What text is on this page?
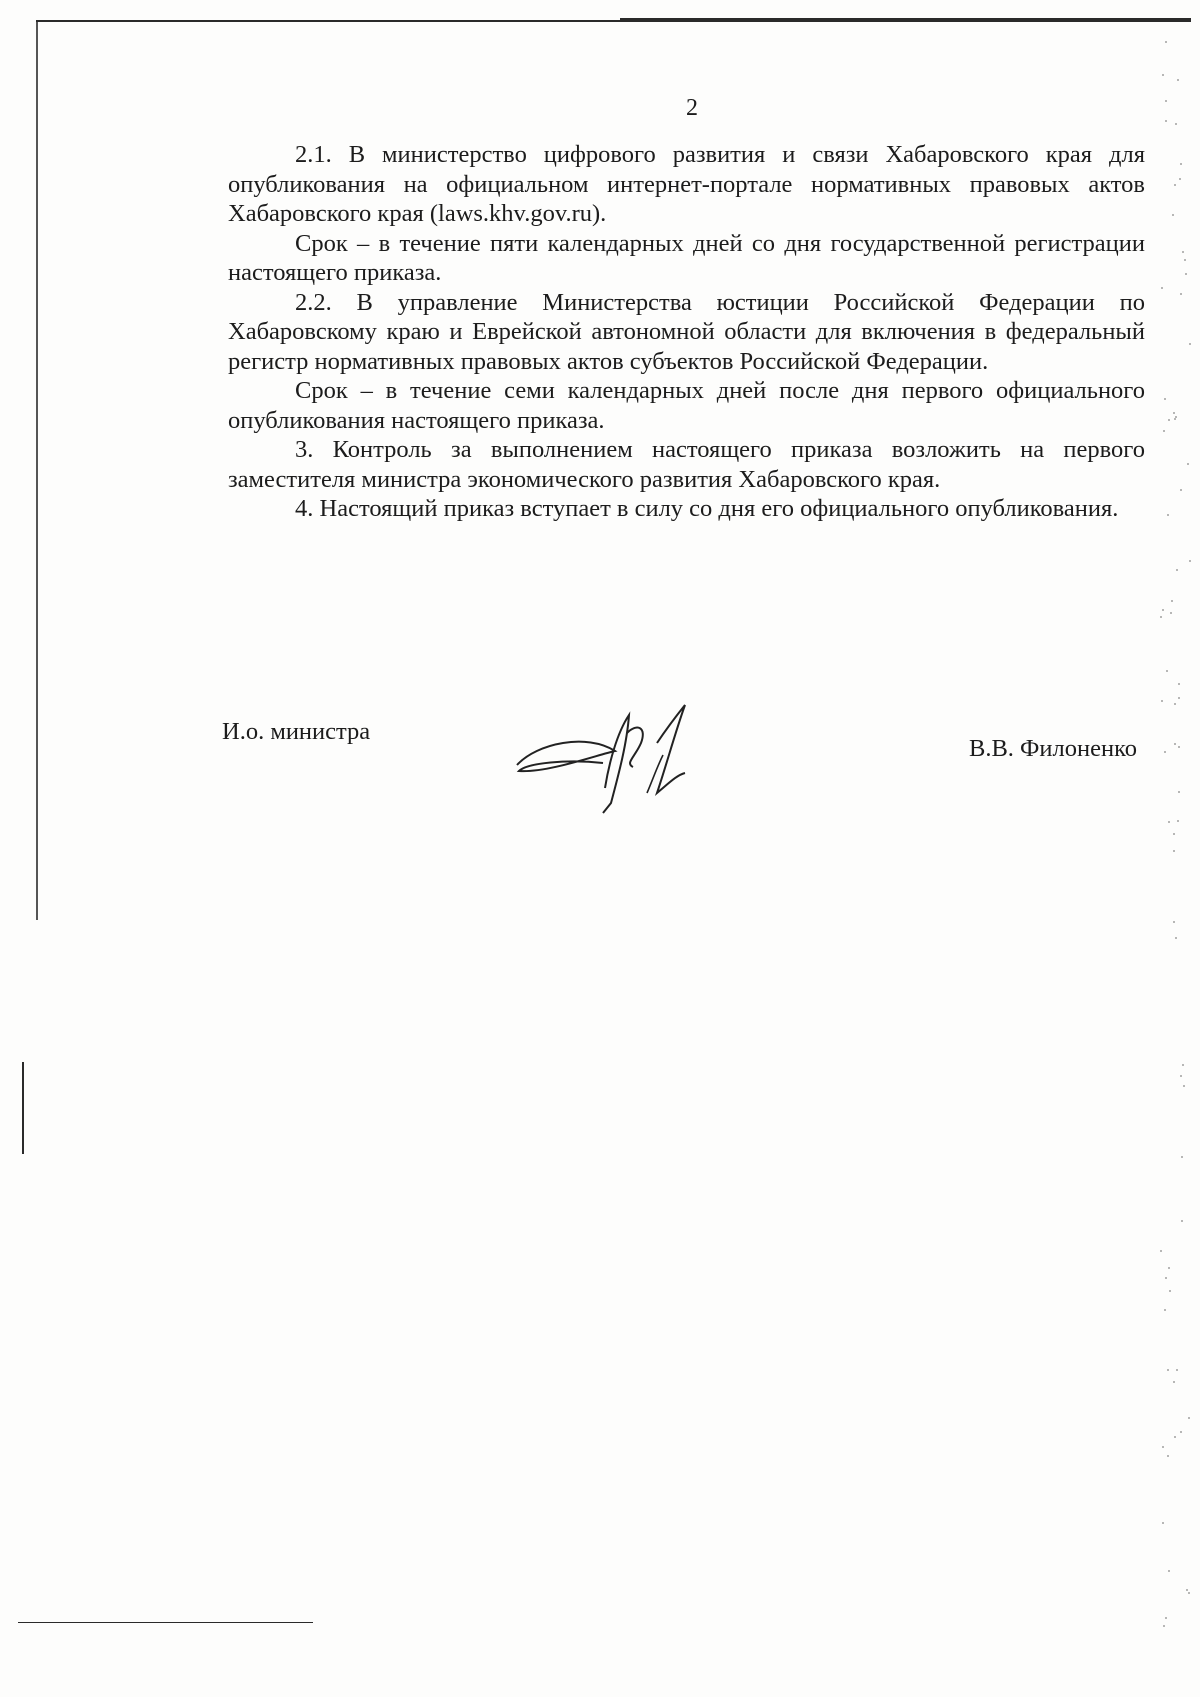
2

2.1. В министерство цифрового развития и связи Хабаровского края для опубликования на официальном интернет-портале нормативных правовых актов Хабаровского края (laws.khv.gov.ru).

Срок – в течение пяти календарных дней со дня государственной регистрации настоящего приказа.

2.2. В управление Министерства юстиции Российской Федерации по Хабаровскому краю и Еврейской автономной области для включения в федеральный регистр нормативных правовых актов субъектов Российской Федерации.

Срок – в течение семи календарных дней после дня первого официального опубликования настоящего приказа.

3. Контроль за выполнением настоящего приказа возложить на первого заместителя министра экономического развития Хабаровского края.

4. Настоящий приказ вступает в силу со дня его официального опубликования.

И.о. министра
В.В. Филоненко
